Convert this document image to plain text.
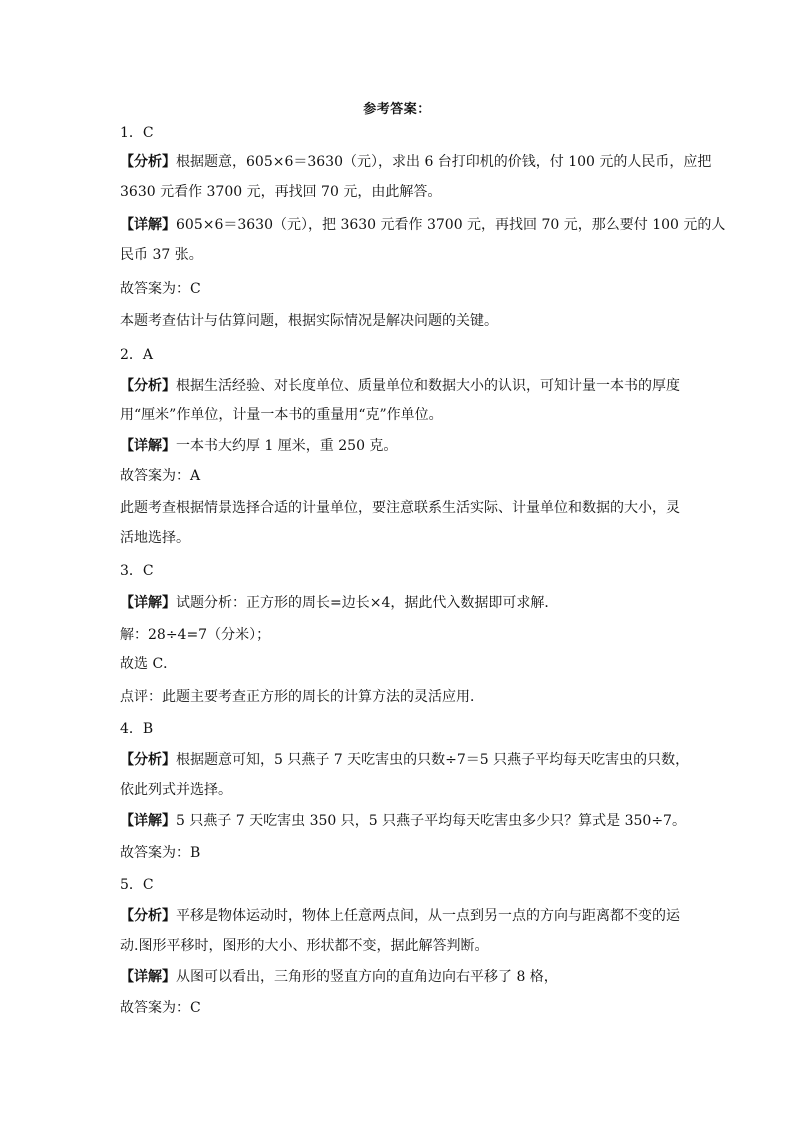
参考答案：
1．C
【分析】根据题意，605×6＝3630（元），求出 6 台打印机的价钱，付 100 元的人民币，应把
3630 元看作 3700 元，再找回 70 元，由此解答。
【详解】605×6＝3630（元），把 3630 元看作 3700 元，再找回 70 元，那么要付 100 元的人
民币 37 张。
故答案为：C
本题考查估计与估算问题，根据实际情况是解决问题的关键。
2．A
【分析】根据生活经验、对长度单位、质量单位和数据大小的认识，可知计量一本书的厚度
用“厘米”作单位，计量一本书的重量用“克”作单位。
【详解】一本书大约厚 1 厘米，重 250 克。
故答案为：A
此题考查根据情景选择合适的计量单位，要注意联系生活实际、计量单位和数据的大小，灵
活地选择。
3．C
【详解】试题分析：正方形的周长=边长×4，据此代入数据即可求解．
解：28÷4=7（分米）；
故选 C．
点评：此题主要考查正方形的周长的计算方法的灵活应用．
4．B
【分析】根据题意可知，5 只燕子 7 天吃害虫的只数÷7＝5 只燕子平均每天吃害虫的只数，
依此列式并选择。
【详解】5 只燕子 7 天吃害虫 350 只，5 只燕子平均每天吃害虫多少只？算式是 350÷7。
故答案为：B
5．C
【分析】平移是物体运动时，物体上任意两点间，从一点到另一点的方向与距离都不变的运
动.图形平移时，图形的大小、形状都不变，据此解答判断。
【详解】从图可以看出，三角形的竖直方向的直角边向右平移了 8 格，
故答案为：C
